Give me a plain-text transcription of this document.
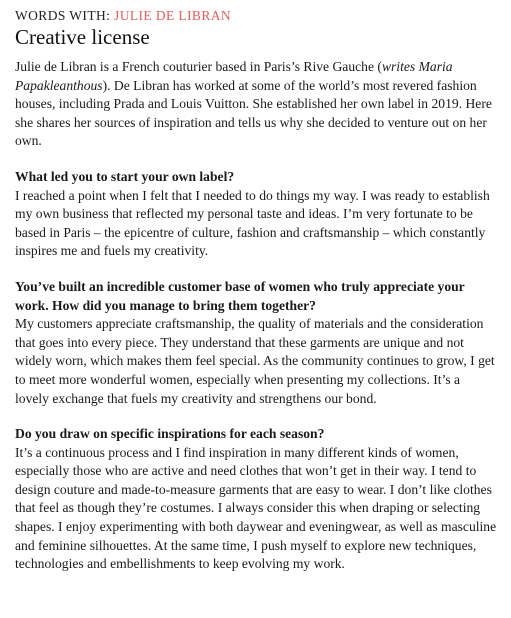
WORDS WITH: JULIE DE LIBRAN
Creative license

Julie de Libran is a French couturier based in Paris’s Rive Gauche (writes Maria Papakleanthous). De Libran has worked at some of the world’s most revered fashion houses, including Prada and Louis Vuitton. She established her own label in 2019. Here she shares her sources of inspiration and tells us why she decided to venture out on her own.

What led you to start your own label?

I reached a point when I felt that I needed to do things my way. I was ready to establish my own business that reflected my personal taste and ideas. I’m very fortunate to be based in Paris – the epicentre of culture, fashion and craftsmanship – which constantly inspires me and fuels my creativity.

You’ve built an incredible customer base of women who truly appreciate your work. How did you manage to bring them together?

My customers appreciate craftsmanship, the quality of materials and the consideration that goes into every piece. They understand that these garments are unique and not widely worn, which makes them feel special. As the community continues to grow, I get to meet more wonderful women, especially when presenting my collections. It’s a lovely exchange that fuels my creativity and strengthens our bond.

Do you draw on specific inspirations for each season?

It’s a continuous process and I find inspiration in many different kinds of women, especially those who are active and need clothes that won’t get in their way. I tend to design couture and made-to-measure garments that are easy to wear. I don’t like clothes that feel as though they’re costumes. I always consider this when draping or selecting shapes. I enjoy experimenting with both daywear and eveningwear, as well as masculine and feminine silhouettes. At the same time, I push myself to explore new techniques, technologies and embellishments to keep evolving my work.
